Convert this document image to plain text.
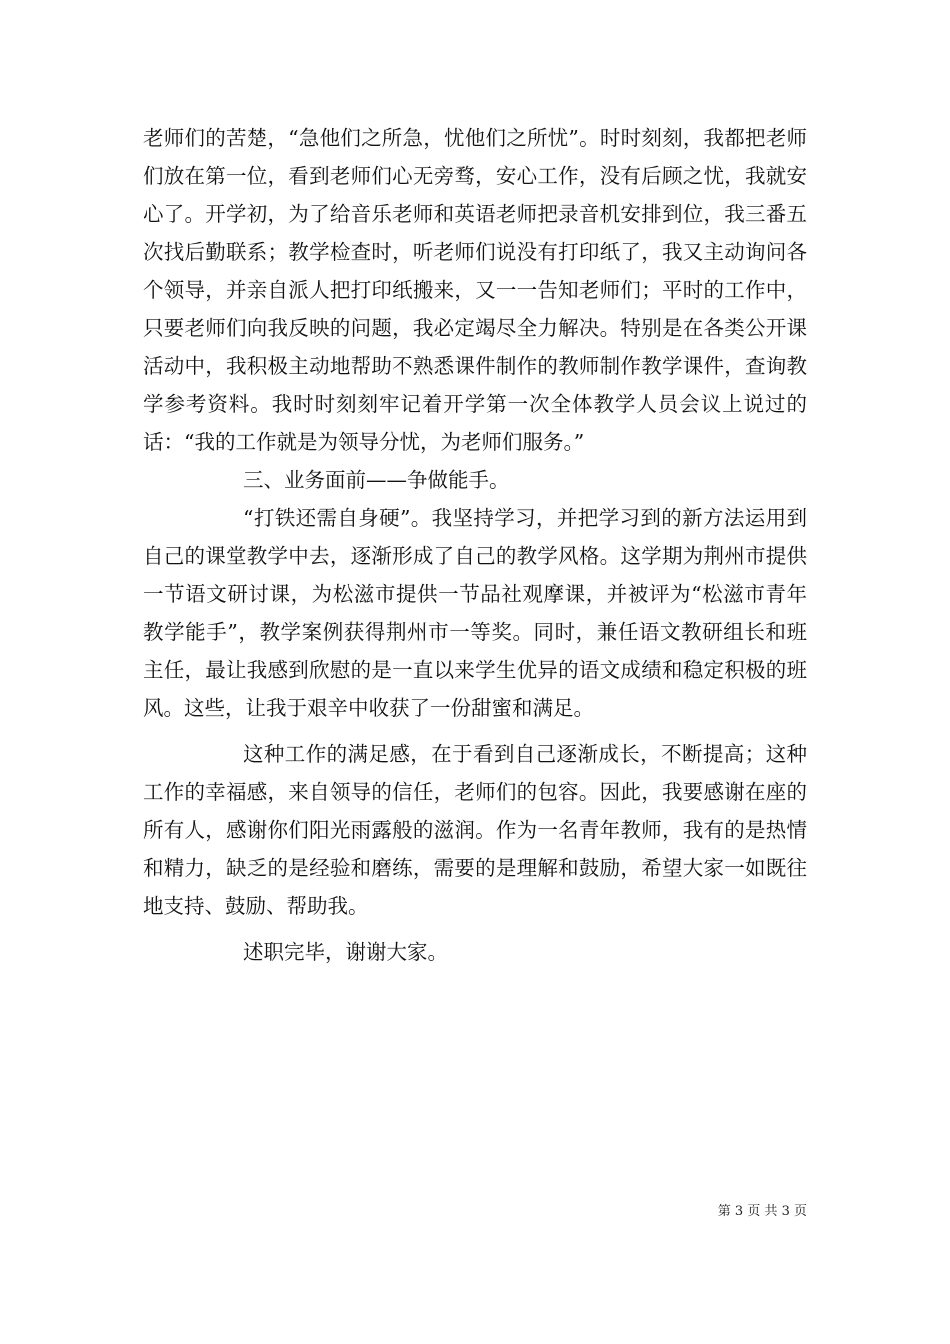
老师们的苦楚，“急他们之所急，忧他们之所忧”。时时刻刻，我都把老师们放在第一位，看到老师们心无旁骛，安心工作，没有后顾之忧，我就安心了。开学初，为了给音乐老师和英语老师把录音机安排到位，我三番五次找后勤联系；教学检查时，听老师们说没有打印纸了，我又主动询问各个领导，并亲自派人把打印纸搬来，又一一告知老师们；平时的工作中，只要老师们向我反映的问题，我必定竭尽全力解决。特别是在各类公开课活动中，我积极主动地帮助不熟悉课件制作的教师制作教学课件，查询教学参考资料。我时时刻刻牢记着开学第一次全体教学人员会议上说过的话：“我的工作就是为领导分忧，为老师们服务。”

三、业务面前——争做能手。

“打铁还需自身硬”。我坚持学习，并把学习到的新方法运用到自己的课堂教学中去，逐渐形成了自己的教学风格。这学期为荆州市提供一节语文研讨课，为松滋市提供一节品社观摩课，并被评为“松滋市青年教学能手”，教学案例获得荆州市一等奖。同时，兼任语文教研组长和班主任，最让我感到欣慰的是一直以来学生优异的语文成绩和稳定积极的班风。这些，让我于艰辛中收获了一份甜蜜和满足。

这种工作的满足感，在于看到自己逐渐成长，不断提高；这种工作的幸福感，来自领导的信任，老师们的包容。因此，我要感谢在座的所有人，感谢你们阳光雨露般的滋润。作为一名青年教师，我有的是热情和精力，缺乏的是经验和磨练，需要的是理解和鼓励，希望大家一如既往地支持、鼓励、帮助我。

述职完毕，谢谢大家。

第 3 页 共 3 页
